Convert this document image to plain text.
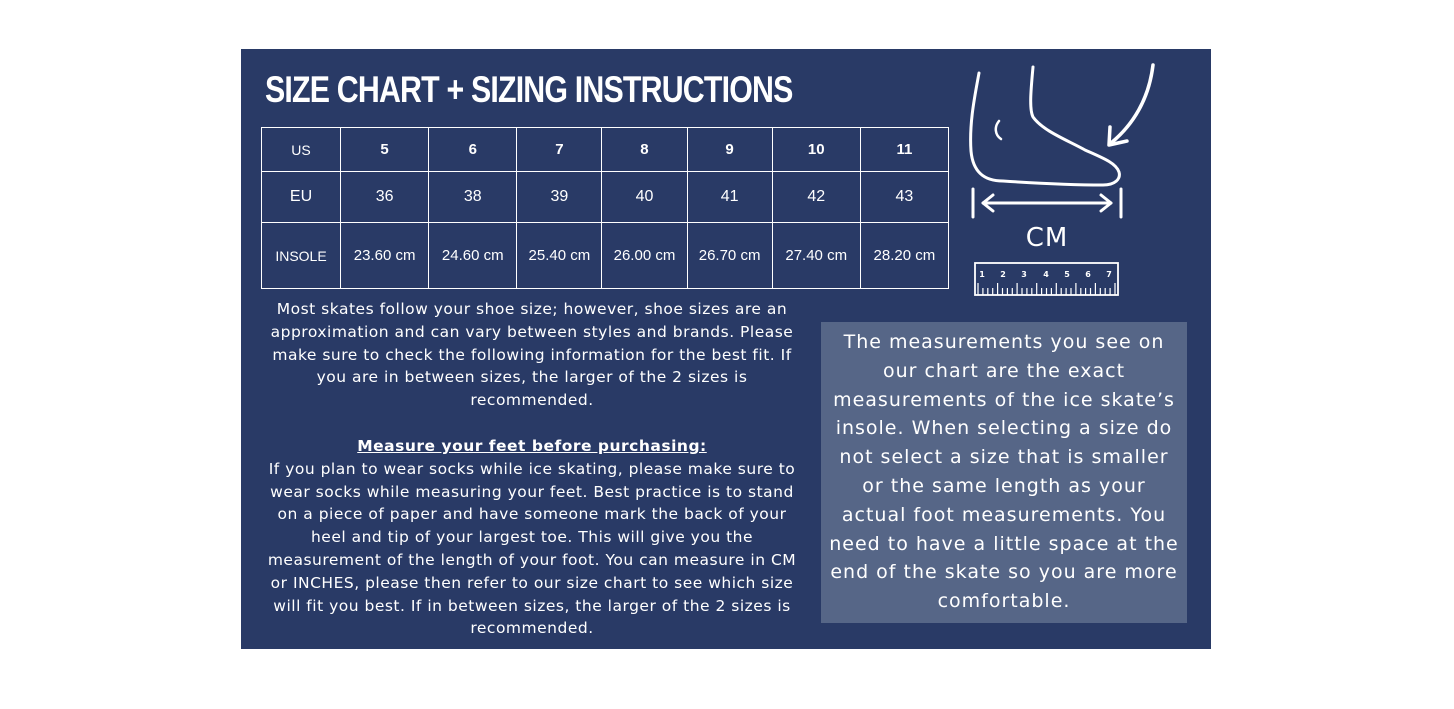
SIZE CHART + SIZING INSTRUCTIONS
US	5	6	7	8	9	10	11
EU	36	38	39	40	41	42	43
INSOLE	23.60 cm	24.60 cm	25.40 cm	26.00 cm	26.70 cm	27.40 cm	28.20 cm

Most skates follow your shoe size; however, shoe sizes are an approximation and can vary between styles and brands. Please make sure to check the following information for the best fit. If you are in between sizes, the larger of the 2 sizes is recommended.

Measure your feet before purchasing:

If you plan to wear socks while ice skating, please make sure to wear socks while measuring your feet. Best practice is to stand on a piece of paper and have someone mark the back of your heel and tip of your largest toe. This will give you the measurement of the length of your foot. You can measure in CM or INCHES, please then refer to our size chart to see which size will fit you best. If in between sizes, the larger of the 2 sizes is recommended.

CM
1 2 3 4 5 6 7
The measurements you see on our chart are the exact measurements of the ice skate’s insole. When selecting a size do not select a size that is smaller or the same length as your actual foot measurements. You need to have a little space at the end of the skate so you are more comfortable.
